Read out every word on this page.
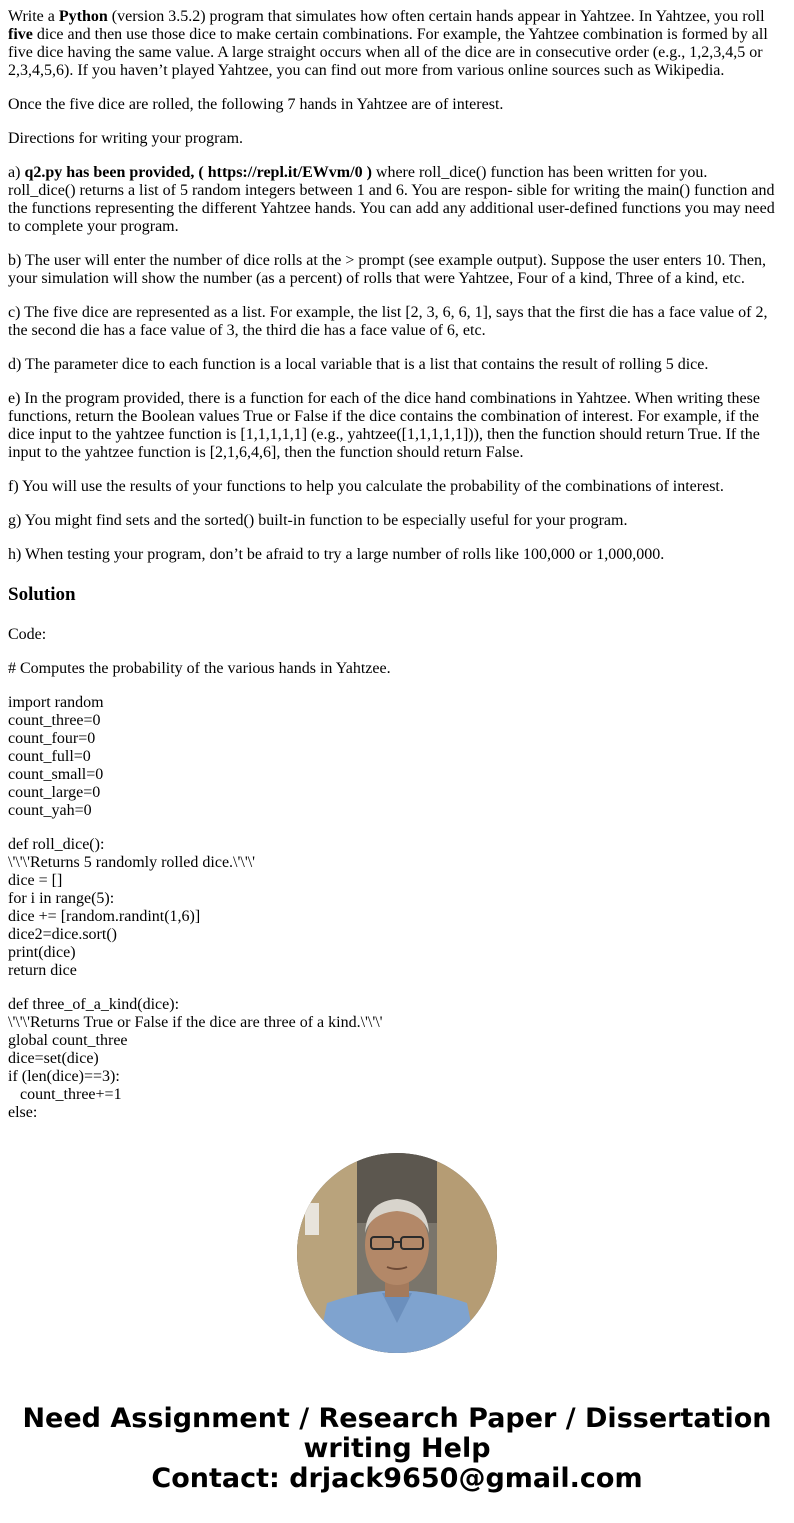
Write a Python (version 3.5.2) program that simulates how often certain hands appear in Yahtzee. In Yahtzee, you roll five dice and then use those dice to make certain combinations. For example, the Yahtzee combination is formed by all five dice having the same value. A large straight occurs when all of the dice are in consecutive order (e.g., 1,2,3,4,5 or 2,3,4,5,6). If you haven’t played Yahtzee, you can find out more from various online sources such as Wikipedia.

Once the five dice are rolled, the following 7 hands in Yahtzee are of interest.

Directions for writing your program.

a) q2.py has been provided, ( https://repl.it/EWvm/0 ) where roll_dice() function has been written for you. roll_dice() returns a list of 5 random integers between 1 and 6. You are respon- sible for writing the main() function and the functions representing the different Yahtzee hands. You can add any additional user-defined functions you may need to complete your program.

b) The user will enter the number of dice rolls at the > prompt (see example output). Suppose the user enters 10. Then, your simulation will show the number (as a percent) of rolls that were Yahtzee, Four of a kind, Three of a kind, etc.

c) The five dice are represented as a list. For example, the list [2, 3, 6, 6, 1], says that the first die has a face value of 2, the second die has a face value of 3, the third die has a face value of 6, etc.

d) The parameter dice to each function is a local variable that is a list that contains the result of rolling 5 dice.

e) In the program provided, there is a function for each of the dice hand combinations in Yahtzee. When writing these functions, return the Boolean values True or False if the dice contains the combination of interest. For example, if the dice input to the yahtzee function is [1,1,1,1,1] (e.g., yahtzee([1,1,1,1,1])), then the function should return True. If the input to the yahtzee function is [2,1,6,4,6], then the function should return False.

f) You will use the results of your functions to help you calculate the probability of the combinations of interest.

g) You might find sets and the sorted() built-in function to be especially useful for your program.

h) When testing your program, don’t be afraid to try a large number of rolls like 100,000 or 1,000,000.

Solution

Code:

# Computes the probability of the various hands in Yahtzee.

import random
count_three=0
count_four=0
count_full=0
count_small=0
count_large=0
count_yah=0
def roll_dice():
\'\'\'Returns 5 randomly rolled dice.\'\'\'
dice = []
for i in range(5):
dice += [random.randint(1,6)]
dice2=dice.sort()
print(dice)
return dice
def three_of_a_kind(dice):
\'\'\'Returns True or False if the dice are three of a kind.\'\'\'
global count_three
dice=set(dice)
if (len(dice)==3):
count_three+=1
else:
Need Assignment / Research Paper / Dissertation
writing Help
Contact: drjack9650@gmail.com
